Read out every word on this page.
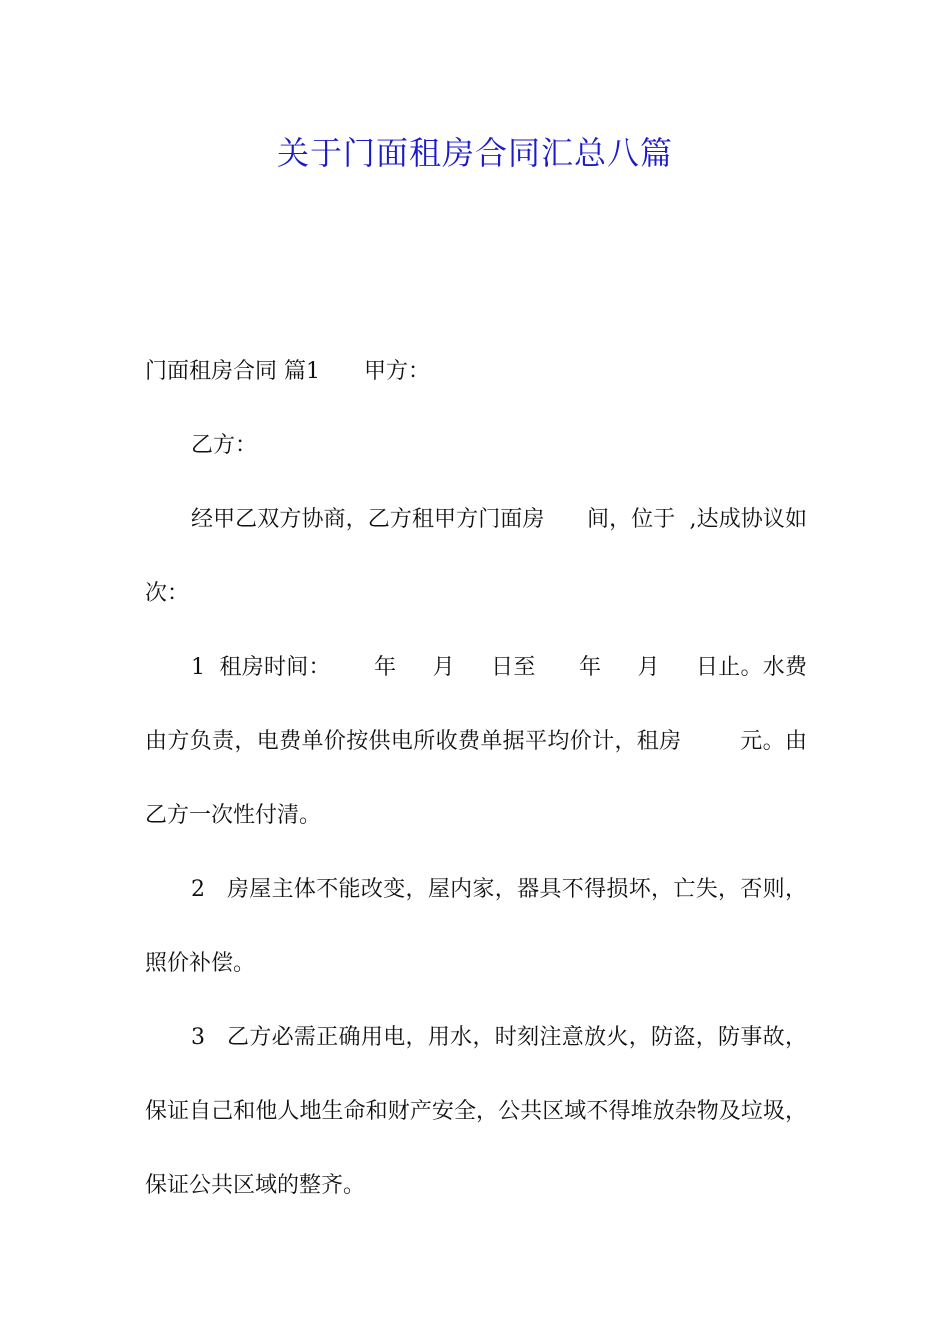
关于门面租房合同汇总八篇

门面租房合同 篇1 甲方：

乙方：

经甲乙双方协商，乙方租甲方门面房      间，位于  ,达成协议如次：

1  租房时间：      年     月     日至      年     月     日止。水费由方负责，电费单价按供电所收费单据平均价计，租房        元。由乙方一次性付清。

2   房屋主体不能改变，屋内家，器具不得损坏，亡失，否则，照价补偿。

3   乙方必需正确用电，用水，时刻注意放火，防盗，防事故，保证自己和他人地生命和财产安全，公共区域不得堆放杂物及垃圾，保证公共区域的整齐。
